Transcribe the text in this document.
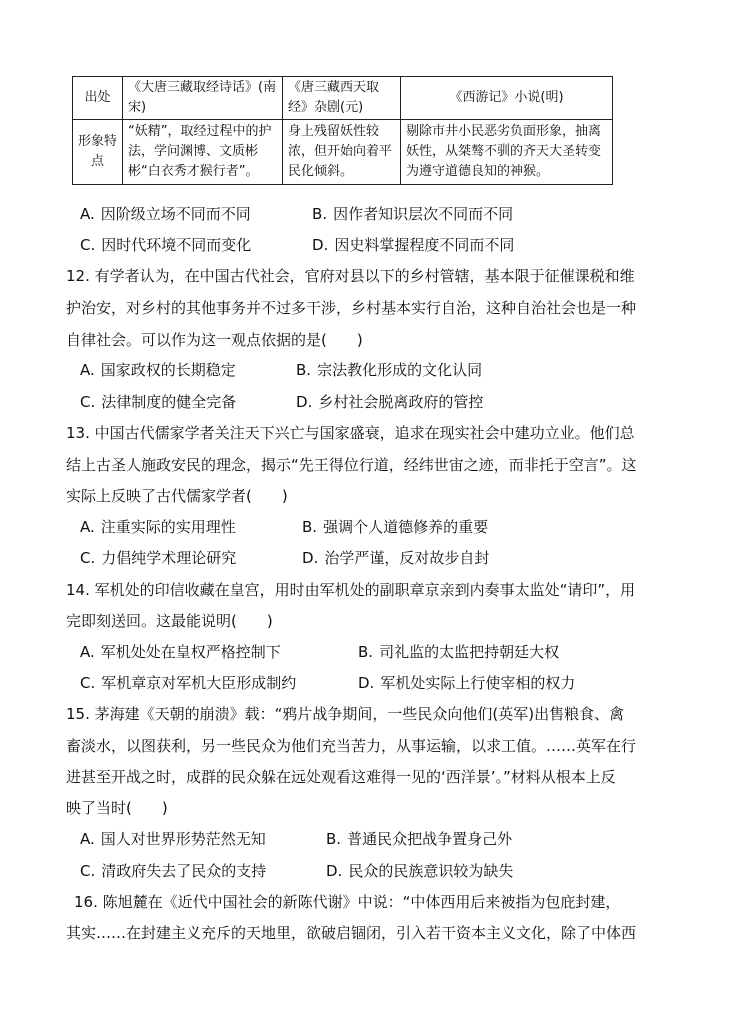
出处	《大唐三藏取经诗话》(南宋)	《唐三藏西天取经》杂剧(元)	《西游记》小说(明)
形象特点	“妖精”，取经过程中的护法，学问渊博、文质彬彬“白衣秀才猴行者”。	身上残留妖性较浓，但开始向着平民化倾斜。	剔除市井小民恶劣负面形象，抽离妖性，从桀骜不驯的齐天大圣转变为遵守道德良知的神猴。
A. 因阶级立场不同而不同	B. 因作者知识层次不同而不同
C. 因时代环境不同而变化	D. 因史料掌握程度不同而不同
12. 有学者认为，在中国古代社会，官府对县以下的乡村管辖，基本限于征催课税和维
护治安，对乡村的其他事务并不过多干涉，乡村基本实行自治，这种自治社会也是一种
自律社会。可以作为这一观点依据的是(　　)
A. 国家政权的长期稳定	B. 宗法教化形成的文化认同
C. 法律制度的健全完备	D. 乡村社会脱离政府的管控
13. 中国古代儒家学者关注天下兴亡与国家盛衰，追求在现实社会中建功立业。他们总
结上古圣人施政安民的理念，揭示“先王得位行道，经纬世宙之迹，而非托于空言”。这
实际上反映了古代儒家学者(　　)
A. 注重实际的实用理性	B. 强调个人道德修养的重要
C. 力倡纯学术理论研究	D. 治学严谨，反对故步自封
14. 军机处的印信收藏在皇宫，用时由军机处的副职章京亲到内奏事太监处“请印”，用
完即刻送回。这最能说明(　　)
A. 军机处处在皇权严格控制下	B. 司礼监的太监把持朝廷大权
C. 军机章京对军机大臣形成制约	D. 军机处实际上行使宰相的权力
15. 茅海建《天朝的崩溃》载：“鸦片战争期间，一些民众向他们(英军)出售粮食、禽
畜淡水，以图获利，另一些民众为他们充当苦力，从事运输，以求工值。……英军在行
进甚至开战之时，成群的民众躲在远处观看这难得一见的‘西洋景’。”材料从根本上反
映了当时(　　)
A. 国人对世界形势茫然无知	B. 普通民众把战争置身己外
C. 清政府失去了民众的支持	D. 民众的民族意识较为缺失
16. 陈旭麓在《近代中国社会的新陈代谢》中说：“中体西用后来被指为包庇封建，
其实……在封建主义充斥的天地里，欲破启锢闭，引入若干资本主义文化，除了中体西
